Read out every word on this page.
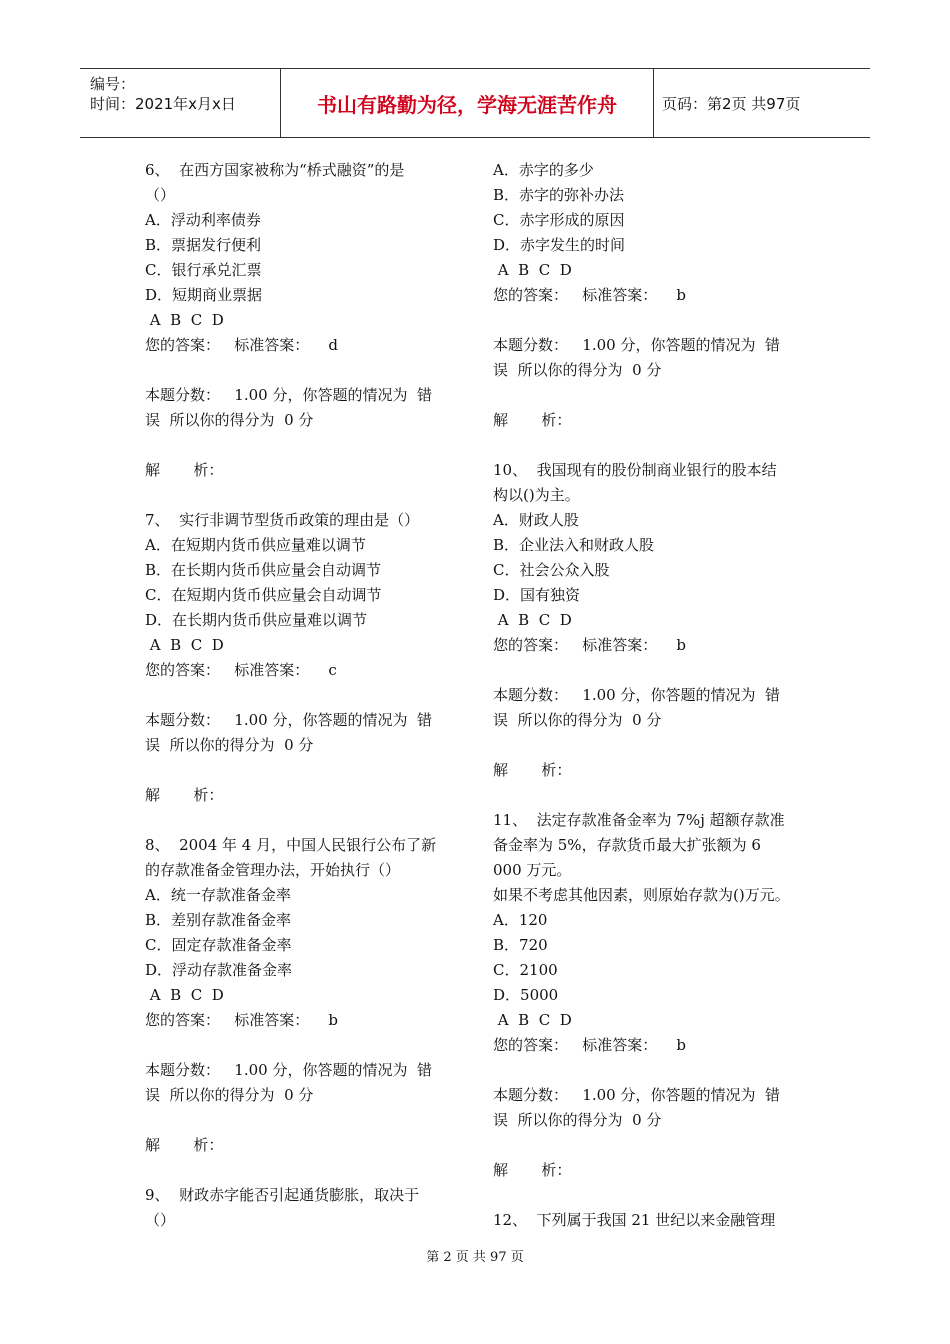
编号：
时间：2021年x月x日	书山有路勤为径，学海无涯苦作舟	页码：第2页 共97页
6、  在西方国家被称为“桥式融资”的是
（）
A．浮动利率债券
B．票据发行便利
C．银行承兑汇票
D．短期商业票据
A  B  C  D
您的答案：   标准答案：    d
本题分数：   1.00 分，你答题的情况为  错
误  所以你的得分为  0 分
解       析：
7、  实行非调节型货币政策的理由是（）
A．在短期内货币供应量难以调节
B．在长期内货币供应量会自动调节
C．在短期内货币供应量会自动调节
D．在长期内货币供应量难以调节
A  B  C  D
您的答案：   标准答案：    c
本题分数：   1.00 分，你答题的情况为  错
误  所以你的得分为  0 分
解       析：
8、  2004 年 4 月，中国人民银行公布了新
的存款准备金管理办法，开始执行（）
A．统一存款准备金率
B．差别存款准备金率
C．固定存款准备金率
D．浮动存款准备金率
A  B  C  D
您的答案：   标准答案：    b
本题分数：   1.00 分，你答题的情况为  错
误  所以你的得分为  0 分
解       析：
9、  财政赤字能否引起通货膨胀，取决于
（）
A．赤字的多少
B．赤字的弥补办法
C．赤字形成的原因
D．赤字发生的时间
A  B  C  D
您的答案：   标准答案：    b
本题分数：   1.00 分，你答题的情况为  错
误  所以你的得分为  0 分
解       析：
10、  我国现有的股份制商业银行的股本结
构以()为主。
A．财政人股
B．企业法入和财政人股
C．社会公众入股
D．国有独资
A  B  C  D
您的答案：   标准答案：    b
本题分数：   1.00 分，你答题的情况为  错
误  所以你的得分为  0 分
解       析：
11、  法定存款准备金率为 7%j 超额存款准
备金率为 5%，存款货币最大扩张额为 6
000 万元。
如果不考虑其他因素，则原始存款为()万元。
A．120
B．720
C．2100
D．5000
A  B  C  D
您的答案：   标准答案：    b
本题分数：   1.00 分，你答题的情况为  错
误  所以你的得分为  0 分
解       析：
12、  下列属于我国 21 世纪以来金融管理
第 2 页 共 97 页
